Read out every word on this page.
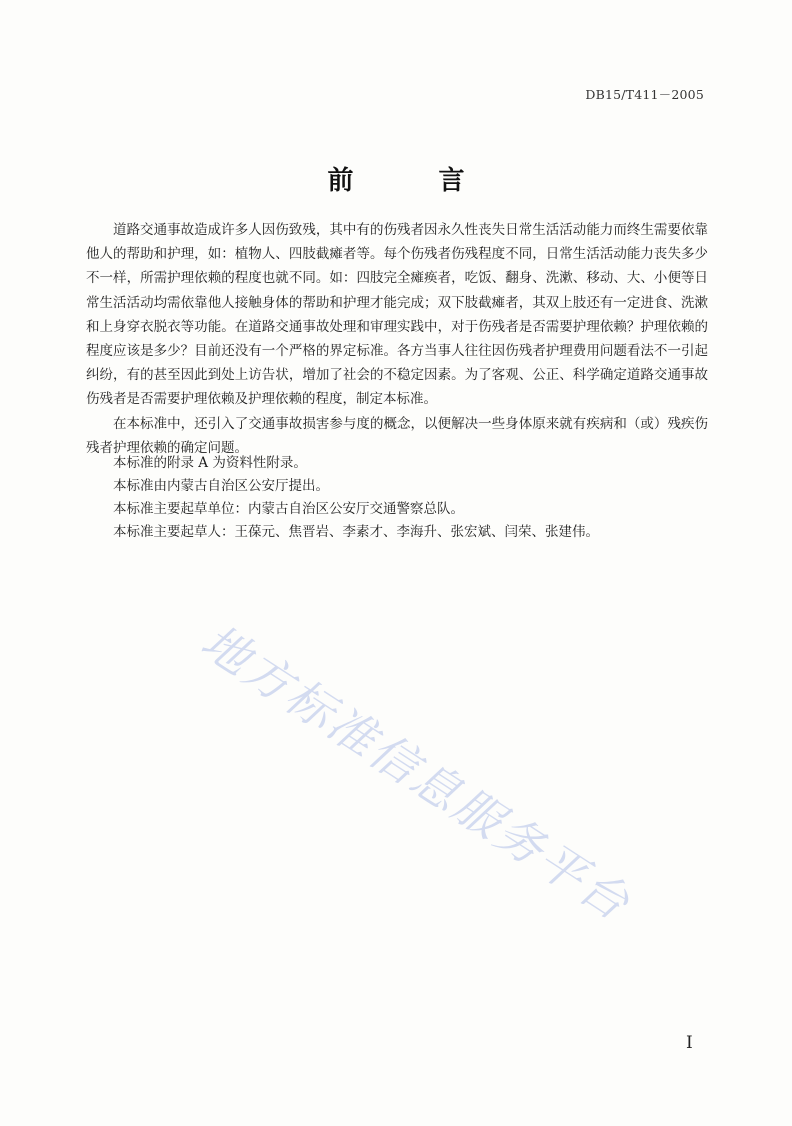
DB15/T411－2005
前言

道路交通事故造成许多人因伤致残，其中有的伤残者因永久性丧失日常生活活动能力而终生需要依靠他人的帮助和护理，如：植物人、四肢截瘫者等。每个伤残者伤残程度不同，日常生活活动能力丧失多少不一样，所需护理依赖的程度也就不同。如：四肢完全瘫痪者，吃饭、翻身、洗漱、移动、大、小便等日常生活活动均需依靠他人接触身体的帮助和护理才能完成；双下肢截瘫者，其双上肢还有一定进食、洗漱和上身穿衣脱衣等功能。在道路交通事故处理和审理实践中，对于伤残者是否需要护理依赖？护理依赖的程度应该是多少？目前还没有一个严格的界定标准。各方当事人往往因伤残者护理费用问题看法不一引起纠纷，有的甚至因此到处上访告状，增加了社会的不稳定因素。为了客观、公正、科学确定道路交通事故伤残者是否需要护理依赖及护理依赖的程度，制定本标准。

在本标准中，还引入了交通事故损害参与度的概念，以便解决一些身体原来就有疾病和（或）残疾伤残者护理依赖的确定问题。

本标准的附录 A 为资料性附录。

本标准由内蒙古自治区公安厅提出。

本标准主要起草单位：内蒙古自治区公安厅交通警察总队。

本标准主要起草人：王葆元、焦晋岩、李素才、李海升、张宏斌、闫荣、张建伟。

地方标准信息服务平台
I
